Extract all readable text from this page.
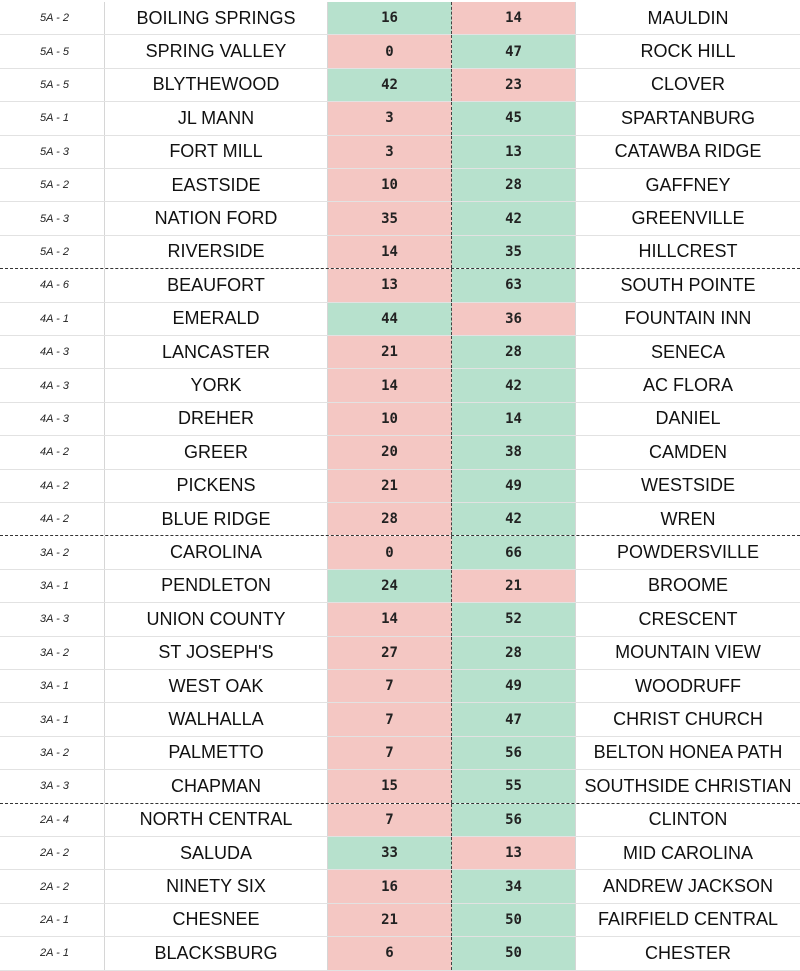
5A - 2	BOILING SPRINGS	16	14	MAULDIN
5A - 5	SPRING VALLEY	0	47	ROCK HILL
5A - 5	BLYTHEWOOD	42	23	CLOVER
5A - 1	JL MANN	3	45	SPARTANBURG
5A - 3	FORT MILL	3	13	CATAWBA RIDGE
5A - 2	EASTSIDE	10	28	GAFFNEY
5A - 3	NATION FORD	35	42	GREENVILLE
5A - 2	RIVERSIDE	14	35	HILLCREST
4A - 6	BEAUFORT	13	63	SOUTH POINTE
4A - 1	EMERALD	44	36	FOUNTAIN INN
4A - 3	LANCASTER	21	28	SENECA
4A - 3	YORK	14	42	AC FLORA
4A - 3	DREHER	10	14	DANIEL
4A - 2	GREER	20	38	CAMDEN
4A - 2	PICKENS	21	49	WESTSIDE
4A - 2	BLUE RIDGE	28	42	WREN
3A - 2	CAROLINA	0	66	POWDERSVILLE
3A - 1	PENDLETON	24	21	BROOME
3A - 3	UNION COUNTY	14	52	CRESCENT
3A - 2	ST JOSEPH'S	27	28	MOUNTAIN VIEW
3A - 1	WEST OAK	7	49	WOODRUFF
3A - 1	WALHALLA	7	47	CHRIST CHURCH
3A - 2	PALMETTO	7	56	BELTON HONEA PATH
3A - 3	CHAPMAN	15	55	SOUTHSIDE CHRISTIAN
2A - 4	NORTH CENTRAL	7	56	CLINTON
2A - 2	SALUDA	33	13	MID CAROLINA
2A - 2	NINETY SIX	16	34	ANDREW JACKSON
2A - 1	CHESNEE	21	50	FAIRFIELD CENTRAL
2A - 1	BLACKSBURG	6	50	CHESTER
